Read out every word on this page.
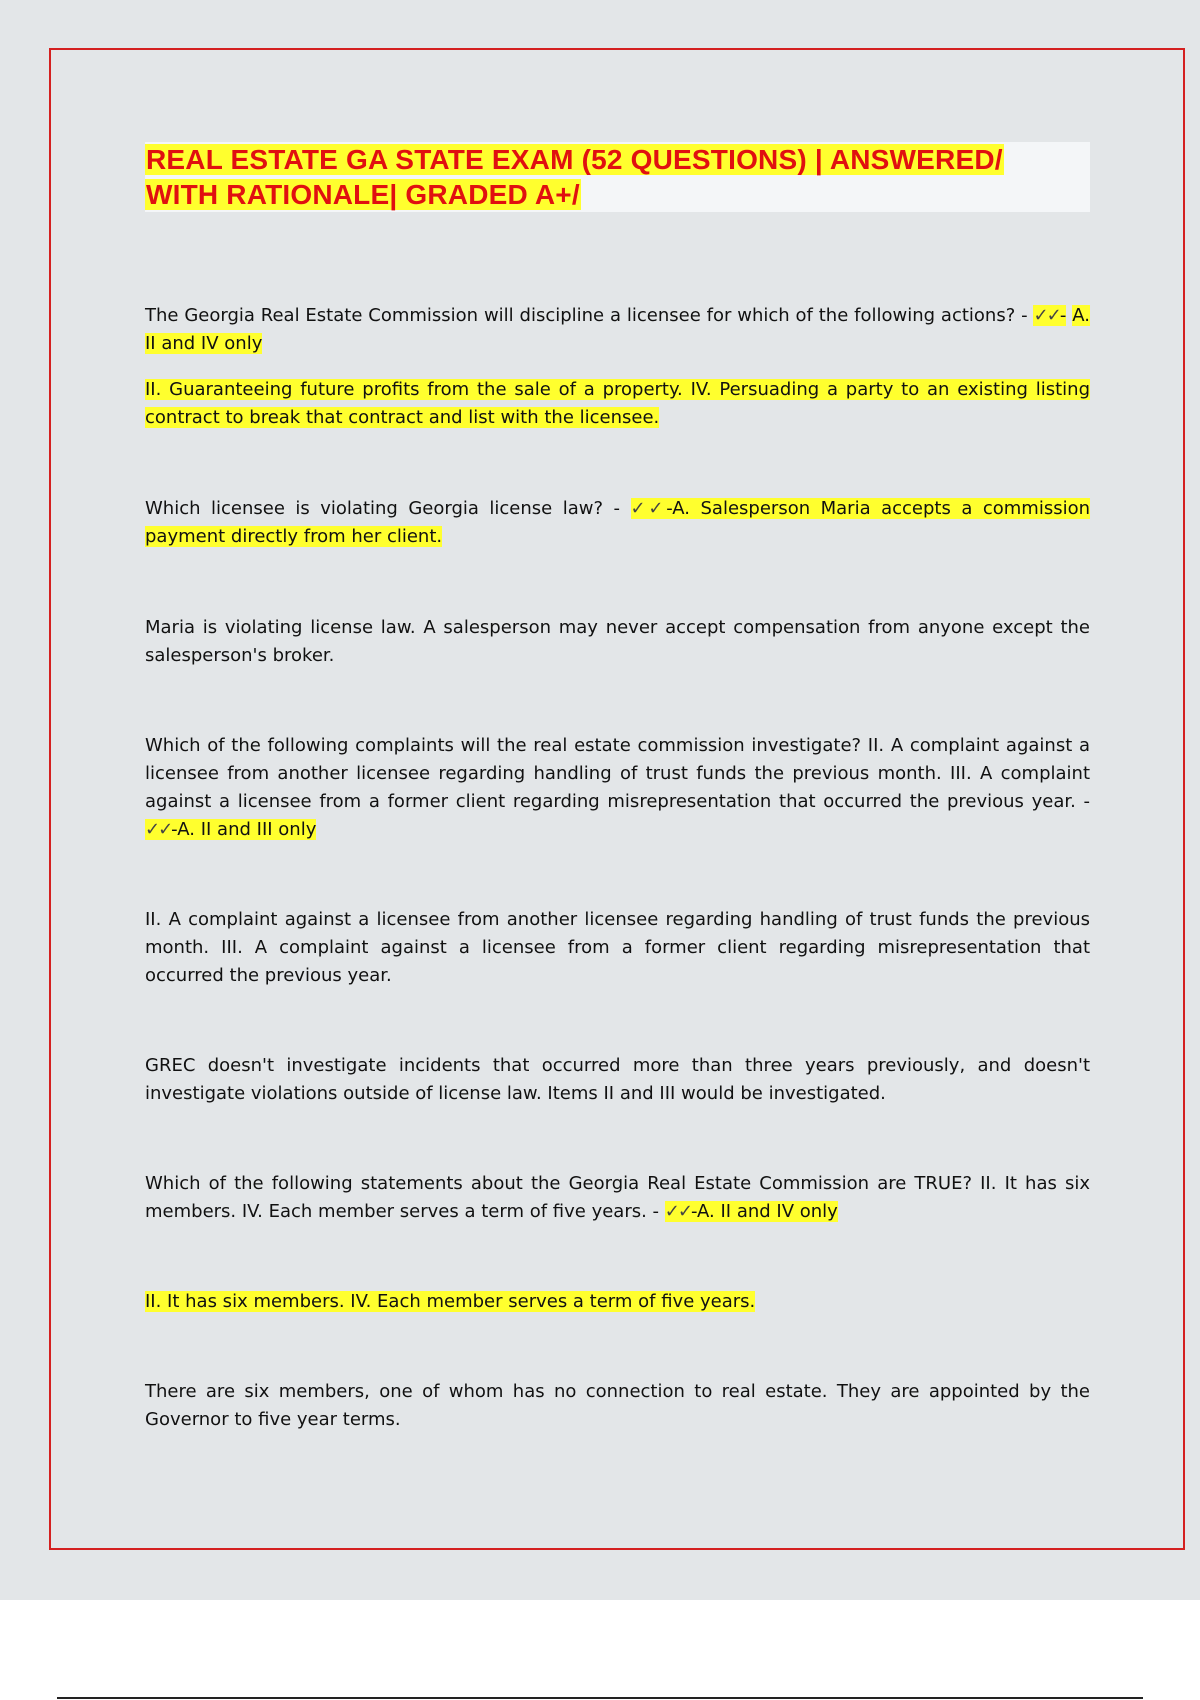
REAL ESTATE GA STATE EXAM (52 QUESTIONS) | ANSWERED/
WITH RATIONALE| GRADED A+/

The Georgia Real Estate Commission will discipline a licensee for which of the following actions? - ✓✓- A. II and IV only

II. Guaranteeing future profits from the sale of a property. IV. Persuading a party to an existing listing contract to break that contract and list with the licensee.

Which licensee is violating Georgia license law? - ✓✓-A. Salesperson Maria accepts a commission payment directly from her client.

Maria is violating license law. A salesperson may never accept compensation from anyone except the salesperson's broker.

Which of the following complaints will the real estate commission investigate? II. A complaint against a licensee from another licensee regarding handling of trust funds the previous month. III. A complaint against a licensee from a former client regarding misrepresentation that occurred the previous year. - ✓✓-A. II and III only

II. A complaint against a licensee from another licensee regarding handling of trust funds the previous month. III. A complaint against a licensee from a former client regarding misrepresentation that occurred the previous year.

GREC doesn't investigate incidents that occurred more than three years previously, and doesn't investigate violations outside of license law. Items II and III would be investigated.

Which of the following statements about the Georgia Real Estate Commission are TRUE? II. It has six members. IV. Each member serves a term of five years. - ✓✓-A. II and IV only

II. It has six members. IV. Each member serves a term of five years.

There are six members, one of whom has no connection to real estate. They are appointed by the Governor to five year terms.
